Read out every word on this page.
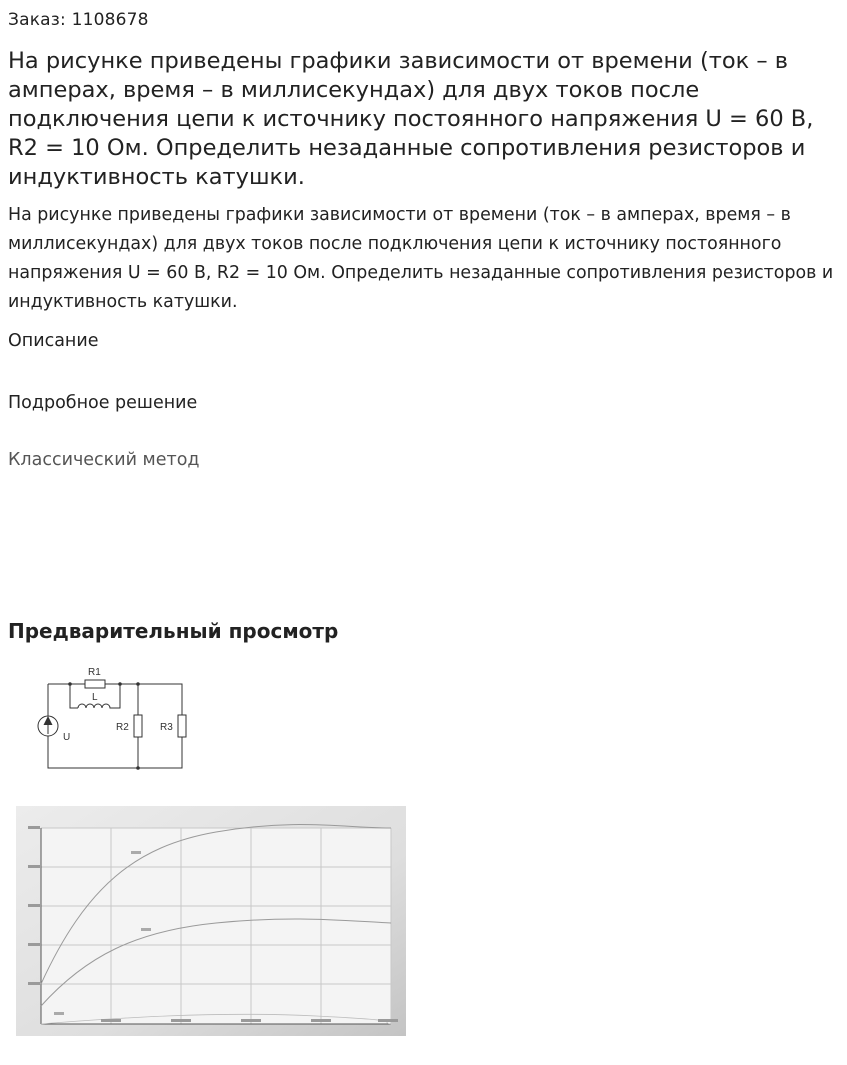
Заказ: 1108678
На рисунке приведены графики зависимости от времени (ток – в амперах, время – в миллисекундах) для двух токов после подключения цепи к источнику постоянного напряжения U = 60 В, R2 = 10 Ом. Определить незаданные сопротивления резисторов и индуктивность катушки.

На рисунке приведены графики зависимости от времени (ток – в амперах, время – в миллисекундах) для двух токов после подключения цепи к источнику постоянного напряжения U = 60 В, R2 = 10 Ом. Определить незаданные сопротивления резисторов и индуктивность катушки.

Описание
Подробное решение
Классический метод
Предварительный просмотр
R1
L
R2	R3
U
